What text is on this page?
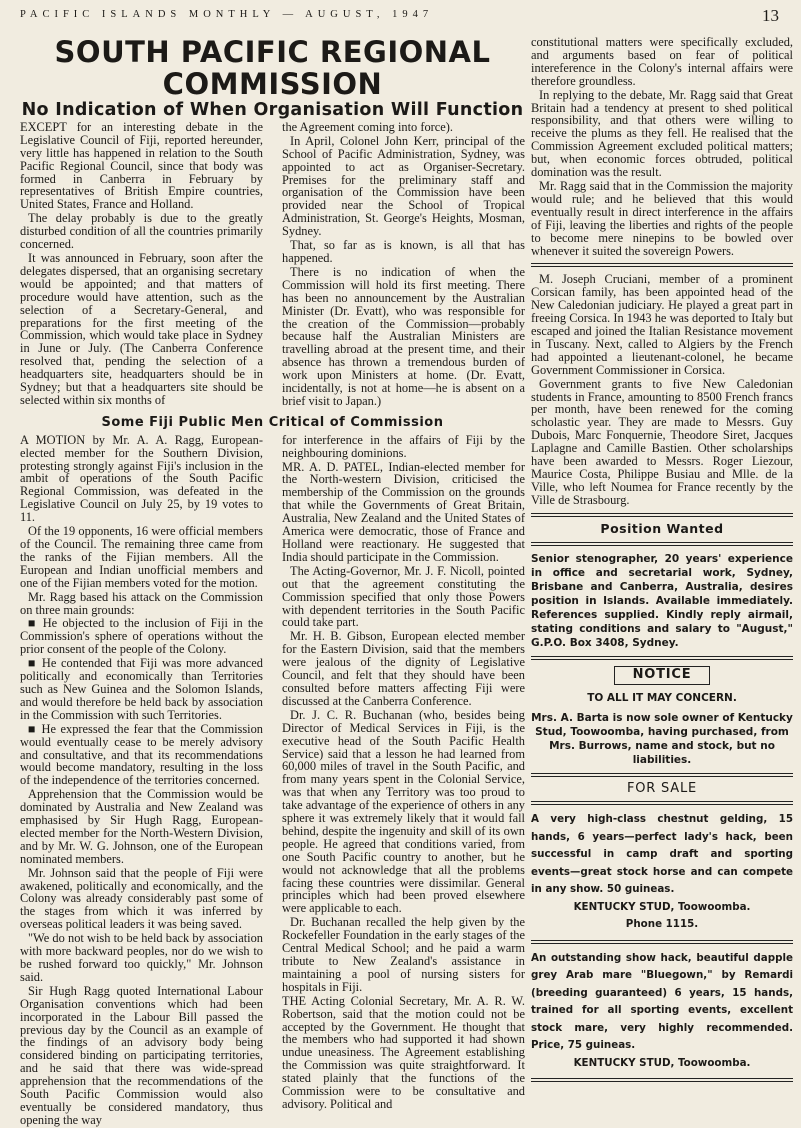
PACIFIC ISLANDS MONTHLY — AUGUST, 1947	13
SOUTH PACIFIC REGIONAL COMMISSION
No Indication of When Organisation Will Function

EXCEPT for an interesting debate in the Legislative Council of Fiji, reported hereunder, very little has happened in relation to the South Pacific Regional Council, since that body was formed in Canberra in February by representatives of British Empire countries, United States, France and Holland.

The delay probably is due to the greatly disturbed condition of all the countries primarily concerned.

It was announced in February, soon after the delegates dispersed, that an organising secretary would be appointed; and that matters of procedure would have attention, such as the selection of a Secretary-General, and preparations for the first meeting of the Commission, which would take place in Sydney in June or July. (The Canberra Conference resolved that, pending the selection of a headquarters site, headquarters should be in Sydney; but that a headquarters site should be selected within six months of

the Agreement coming into force).

In April, Colonel John Kerr, principal of the School of Pacific Administration, Sydney, was appointed to act as Organiser-Secretary. Premises for the preliminary staff and organisation of the Commission have been provided near the School of Tropical Administration, St. George's Heights, Mosman, Sydney.

That, so far as is known, is all that has happened.

There is no indication of when the Commission will hold its first meeting. There has been no announcement by the Australian Minister (Dr. Evatt), who was responsible for the creation of the Commission—probably because half the Australian Ministers are travelling abroad at the present time, and their absence has thrown a tremendous burden of work upon Ministers at home. (Dr. Evatt, incidentally, is not at home—he is absent on a brief visit to Japan.)

Some Fiji Public Men Critical of Commission

A MOTION by Mr. A. A. Ragg, European-elected member for the Southern Division, protesting strongly against Fiji's inclusion in the ambit of operations of the South Pacific Regional Commission, was defeated in the Legislative Council on July 25, by 19 votes to 11.

Of the 19 opponents, 16 were official members of the Council. The remaining three came from the ranks of the Fijian members. All the European and Indian unofficial members and one of the Fijian members voted for the motion.

Mr. Ragg based his attack on the Commission on three main grounds:

■ He objected to the inclusion of Fiji in the Commission's sphere of operations without the prior consent of the people of the Colony.

■ He contended that Fiji was more advanced politically and economically than Territories such as New Guinea and the Solomon Islands, and would therefore be held back by association in the Commission with such Territories.

■ He expressed the fear that the Commission would eventually cease to be merely advisory and consultative, and that its recommendations would become mandatory, resulting in the loss of the independence of the territories concerned.

Apprehension that the Commission would be dominated by Australia and New Zealand was emphasised by Sir Hugh Ragg, European-elected member for the North-Western Division, and by Mr. W. G. Johnson, one of the European nominated members.

Mr. Johnson said that the people of Fiji were awakened, politically and economically, and the Colony was already considerably past some of the stages from which it was inferred by overseas political leaders it was being saved.

"We do not wish to be held back by association with more backward peoples, nor do we wish to be rushed forward too quickly," Mr. Johnson said.

Sir Hugh Ragg quoted International Labour Organisation conventions which had been incorporated in the Labour Bill passed the previous day by the Council as an example of the findings of an advisory body being considered binding on participating territories, and he said that there was wide-spread apprehension that the recommendations of the South Pacific Commission would also eventually be considered mandatory, thus opening the way

for interference in the affairs of Fiji by the neighbouring dominions.

MR. A. D. PATEL, Indian-elected member for the North-western Division, criticised the membership of the Commission on the grounds that while the Governments of Great Britain, Australia, New Zealand and the United States of America were democratic, those of France and Holland were reactionary. He suggested that India should participate in the Commission.

The Acting-Governor, Mr. J. F. Nicoll, pointed out that the agreement constituting the Commission specified that only those Powers with dependent territories in the South Pacific could take part.

Mr. H. B. Gibson, European elected member for the Eastern Division, said that the members were jealous of the dignity of Legislative Council, and felt that they should have been consulted before matters affecting Fiji were discussed at the Canberra Conference.

Dr. J. C. R. Buchanan (who, besides being Director of Medical Services in Fiji, is the executive head of the South Pacific Health Service) said that a lesson he had learned from 60,000 miles of travel in the South Pacific, and from many years spent in the Colonial Service, was that when any Territory was too proud to take advantage of the experience of others in any sphere it was extremely likely that it would fall behind, despite the ingenuity and skill of its own people. He agreed that conditions varied, from one South Pacific country to another, but he would not acknowledge that all the problems facing these countries were dissimilar. General principles which had been proved elsewhere were applicable to each.

Dr. Buchanan recalled the help given by the Rockefeller Foundation in the early stages of the Central Medical School; and he paid a warm tribute to New Zealand's assistance in maintaining a pool of nursing sisters for hospitals in Fiji.

THE Acting Colonial Secretary, Mr. A. R. W. Robertson, said that the motion could not be accepted by the Government. He thought that the members who had supported it had shown undue uneasiness. The Agreement establishing the Commission was quite straightforward. It stated plainly that the functions of the Commission were to be consultative and advisory. Political and

constitutional matters were specifically excluded, and arguments based on fear of political intereference in the Colony's internal affairs were therefore groundless.

In replying to the debate, Mr. Ragg said that Great Britain had a tendency at present to shed political responsibility, and that others were willing to receive the plums as they fell. He realised that the Commission Agreement excluded political matters; but, when economic forces obtruded, political domination was the result.

Mr. Ragg said that in the Commission the majority would rule; and he believed that this would eventually result in direct interference in the affairs of Fiji, leaving the liberties and rights of the people to become mere ninepins to be bowled over whenever it suited the sovereign Powers.

M. Joseph Cruciani, member of a prominent Corsican family, has been appointed head of the New Caledonian judiciary. He played a great part in freeing Corsica. In 1943 he was deported to Italy but escaped and joined the Italian Resistance movement in Tuscany. Next, called to Algiers by the French had appointed a lieutenant-colonel, he became Government Commissioner in Corsica.

Government grants to five New Caledonian students in France, amounting to 8500 French francs per month, have been renewed for the coming scholastic year. They are made to Messrs. Guy Dubois, Marc Fonquernie, Theodore Siret, Jacques Laplagne and Camille Bastien. Other scholarships have been awarded to Messrs. Roger Liezour, Maurice Costa, Philippe Busiau and Mlle. de la Ville, who left Noumea for France recently by the Ville de Strasbourg.

Position Wanted
Senior stenographer, 20 years' experience in office and secretarial work, Sydney, Brisbane and Canberra, Australia, desires position in Islands. Available immediately. References supplied. Kindly reply airmail, stating conditions and salary to "August," G.P.O. Box 3408, Sydney.
NOTICE
TO ALL IT MAY CONCERN.
Mrs. A. Barta is now sole owner of Kentucky Stud, Toowoomba, having purchased, from Mrs. Burrows, name and stock, but no liabilities.
FOR SALE
A very high-class chestnut gelding, 15 hands, 6 years—perfect lady's hack, been successful in camp draft and sporting events—great stock horse and can compete in any show. 50 guineas.
KENTUCKY STUD, Toowoomba.
Phone 1115.
An outstanding show hack, beautiful dapple grey Arab mare "Bluegown," by Remardi (breeding guaranteed) 6 years, 15 hands, trained for all sporting events, excellent stock mare, very highly recommended. Price, 75 guineas.
KENTUCKY STUD, Toowoomba.
